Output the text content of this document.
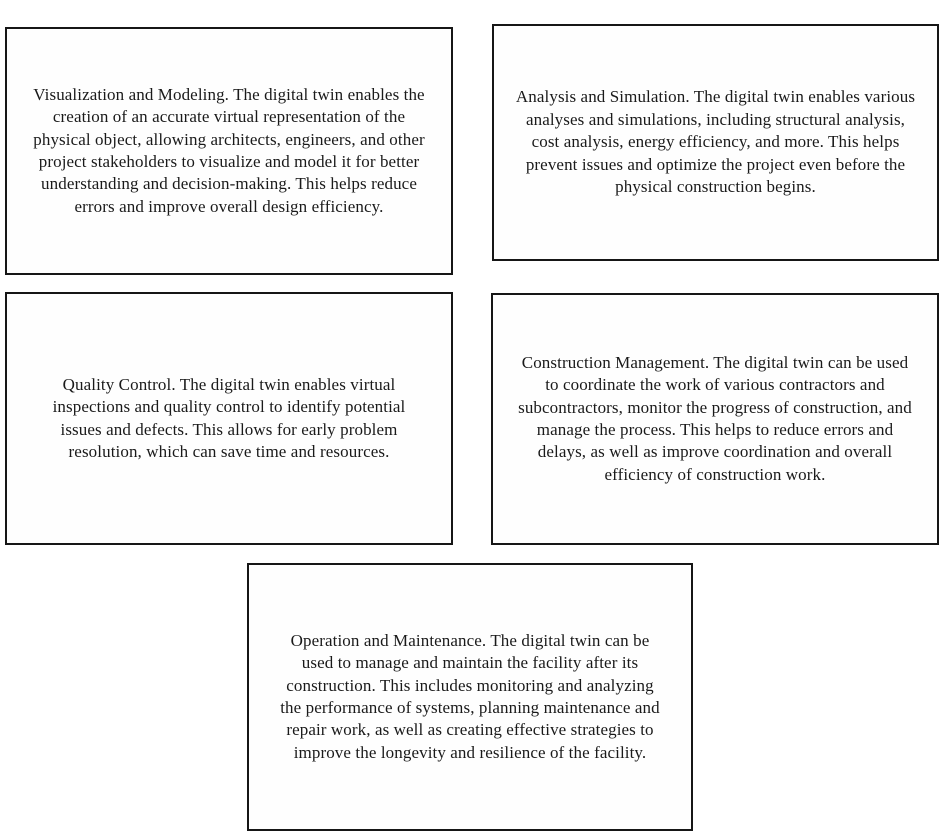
Visualization and Modeling. The digital twin enables the creation of an accurate virtual representation of the physical object, allowing architects, engineers, and other project stakeholders to visualize and model it for better understanding and decision-making. This helps reduce errors and improve overall design efficiency.
Analysis and Simulation. The digital twin enables various analyses and simulations, including structural analysis, cost analysis, energy efficiency, and more. This helps prevent issues and optimize the project even before the physical construction begins.
Quality Control. The digital twin enables virtual inspections and quality control to identify potential issues and defects. This allows for early problem resolution, which can save time and resources.
Construction Management. The digital twin can be used to coordinate the work of various contractors and subcontractors, monitor the progress of construction, and manage the process. This helps to reduce errors and delays, as well as improve coordination and overall efficiency of construction work.
Operation and Maintenance. The digital twin can be used to manage and maintain the facility after its construction. This includes monitoring and analyzing the performance of systems, planning maintenance and repair work, as well as creating effective strategies to improve the longevity and resilience of the facility.
